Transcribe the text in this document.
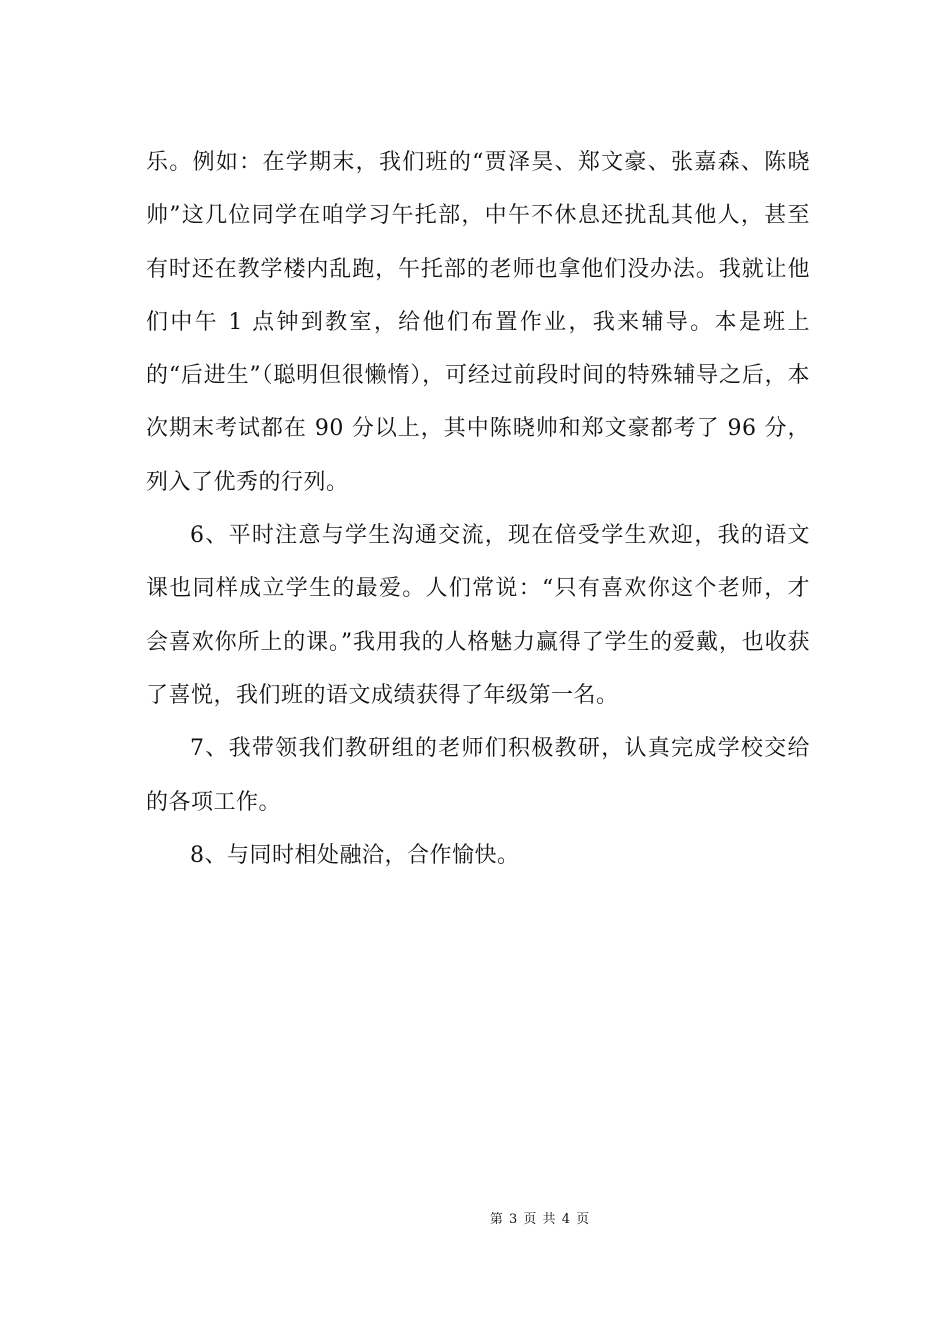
乐。例如：在学期末，我们班的“贾泽昊、郑文豪、张嘉森、陈晓帅”这几位同学在咱学习午托部，中午不休息还扰乱其他人，甚至有时还在教学楼内乱跑，午托部的老师也拿他们没办法。我就让他们中午 1 点钟到教室，给他们布置作业，我来辅导。本是班上的“后进生”（聪明但很懒惰），可经过前段时间的特殊辅导之后，本次期末考试都在 90 分以上，其中陈晓帅和郑文豪都考了 96 分，列入了优秀的行列。

6、平时注意与学生沟通交流，现在倍受学生欢迎，我的语文课也同样成立学生的最爱。人们常说：“只有喜欢你这个老师，才会喜欢你所上的课。”我用我的人格魅力赢得了学生的爱戴，也收获了喜悦，我们班的语文成绩获得了年级第一名。

7、我带领我们教研组的老师们积极教研，认真完成学校交给的各项工作。

8、与同时相处融洽，合作愉快。

第 3 页 共 4 页
